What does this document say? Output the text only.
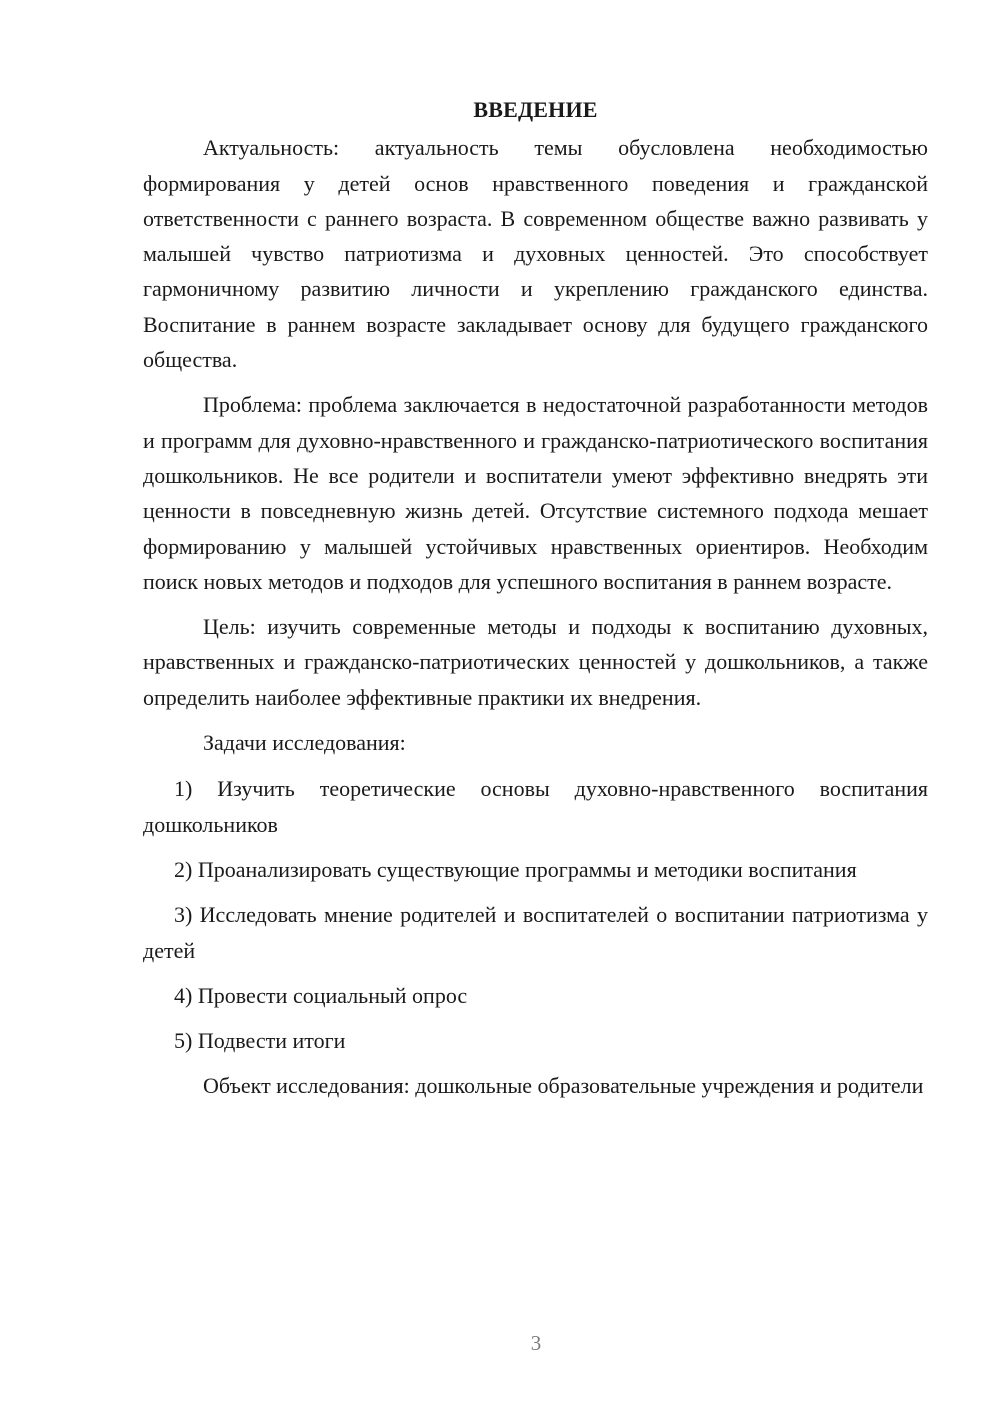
ВВЕДЕНИЕ

Актуальность: актуальность темы обусловлена необходимостью формирования у детей основ нравственного поведения и гражданской ответственности с раннего возраста. В современном обществе важно развивать у малышей чувство патриотизма и духовных ценностей. Это способствует гармоничному развитию личности и укреплению гражданского единства. Воспитание в раннем возрасте закладывает основу для будущего гражданского общества.

Проблема: проблема заключается в недостаточной разработанности методов и программ для духовно-нравственного и гражданско-патриотического воспитания дошкольников. Не все родители и воспитатели умеют эффективно внедрять эти ценности в повседневную жизнь детей. Отсутствие системного подхода мешает формированию у малышей устойчивых нравственных ориентиров. Необходим поиск новых методов и подходов для успешного воспитания в раннем возрасте.

Цель: изучить современные методы и подходы к воспитанию духовных, нравственных и гражданско-патриотических ценностей у дошкольников, а также определить наиболее эффективные практики их внедрения.

Задачи исследования:

1) Изучить теоретические основы духовно-нравственного воспитания дошкольников

2) Проанализировать существующие программы и методики воспитания

3) Исследовать мнение родителей и воспитателей о воспитании патриотизма у детей

4) Провести социальный опрос

5) Подвести итоги

Объект исследования: дошкольные образовательные учреждения и родители

3
